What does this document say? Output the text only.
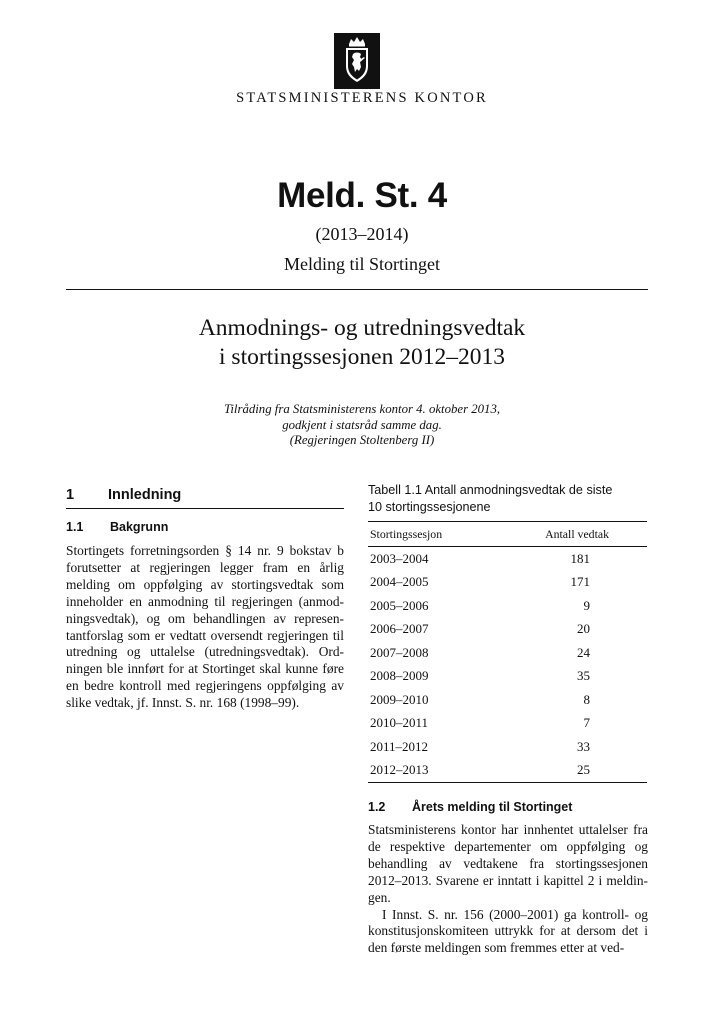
STATSMINISTERENS KONTOR
Meld. St. 4
(2013–2014)
Melding til Stortinget
Anmodnings- og utredningsvedtak
i stortingssesjonen 2012–2013
Tilråding fra Statsministerens kontor 4. oktober 2013,
godkjent i statsråd samme dag.
(Regjeringen Stoltenberg II)
1 Innledning
1.1 Bakgrunn
Stortingets forretningsorden § 14 nr. 9 bokstav b forutsetter at regjeringen legger fram en årlig melding om oppfølging av stortingsvedtak som inneholder en anmodning til regjeringen (anmodningsvedtak), og om behandlingen av representantforslag som er vedtatt oversendt regjeringen til utredning og uttalelse (utredningsvedtak). Ordningen ble innført for at Stortinget skal kunne føre en bedre kontroll med regjeringens oppfølging av slike vedtak, jf. Innst. S. nr. 168 (1998–99).
Tabell 1.1 Antall anmodningsvedtak de siste
10 stortingssesjonene
Stortingssesjon	Antall vedtak
2003–2004	181
2004–2005	171
2005–2006	9
2006–2007	20
2007–2008	24
2008–2009	35
2009–2010	8
2010–2011	7
2011–2012	33
2012–2013	25
1.2 Årets melding til Stortinget

Statsministerens kontor har innhentet uttalelser fra de respektive departementer om oppfølging og behandling av vedtakene fra stortingssesjonen 2012–2013. Svarene er inntatt i kapittel 2 i meldingen.

I Innst. S. nr. 156 (2000–2001) ga kontroll- og konstitusjonskomiteen uttrykk for at dersom det i den første meldingen som fremmes etter at ved-
